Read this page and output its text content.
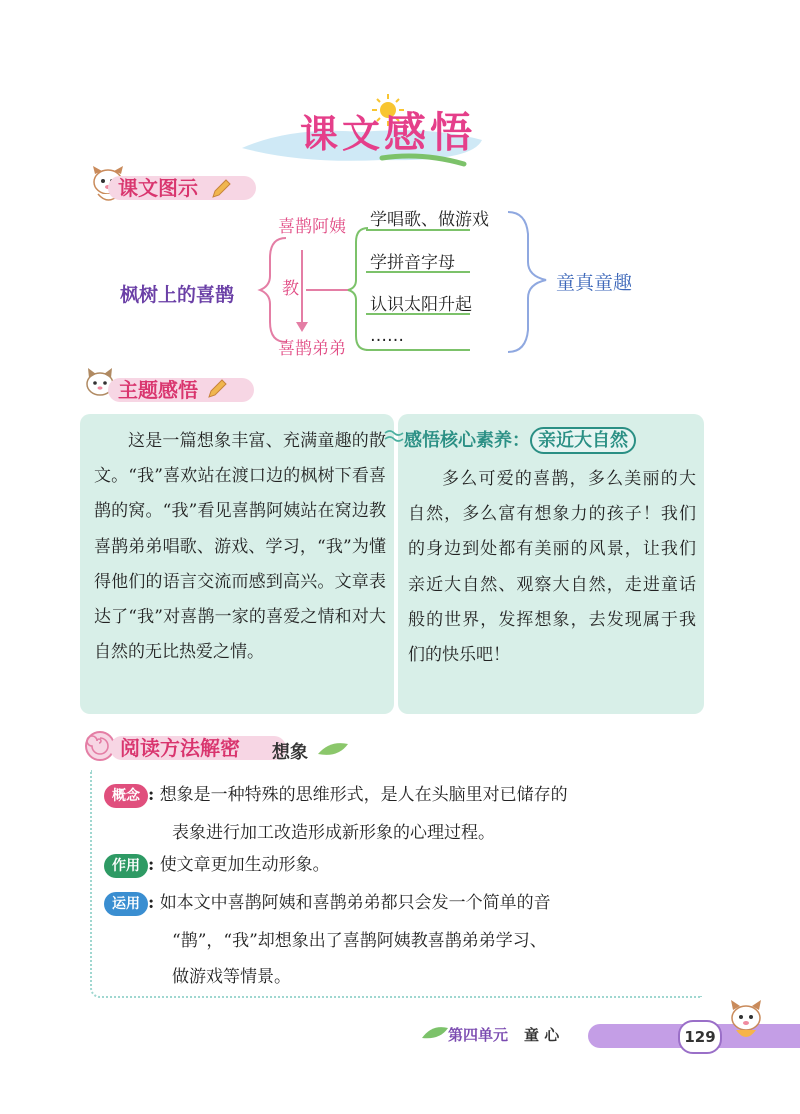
课文感悟
课文图示
枫树上的喜鹊
喜鹊阿姨
教
喜鹊弟弟
学唱歌、做游戏
学拼音字母
认识太阳升起
……
童真童趣
主题感悟
这是一篇想象丰富、充满童趣的散文。“我”喜欢站在渡口边的枫树下看喜鹊的窝。“我”看见喜鹊阿姨站在窝边教喜鹊弟弟唱歌、游戏、学习，“我”为懂得他们的语言交流而感到高兴。文章表达了“我”对喜鹊一家的喜爱之情和对大自然的无比热爱之情。
感悟核心素养： 亲近大自然
多么可爱的喜鹊，多么美丽的大自然，多么富有想象力的孩子！我们的身边到处都有美丽的风景，让我们亲近大自然、观察大自然，走进童话般的世界，发挥想象，去发现属于我们的快乐吧！
阅读方法解密 想象
概念 : 想象是一种特殊的思维形式，是人在头脑里对已储存的
表象进行加工改造形成新形象的心理过程。
作用 : 使文章更加生动形象。
运用 : 如本文中喜鹊阿姨和喜鹊弟弟都只会发一个简单的音
“鹊”，“我”却想象出了喜鹊阿姨教喜鹊弟弟学习、
做游戏等情景。
第四单元 童 心	129
